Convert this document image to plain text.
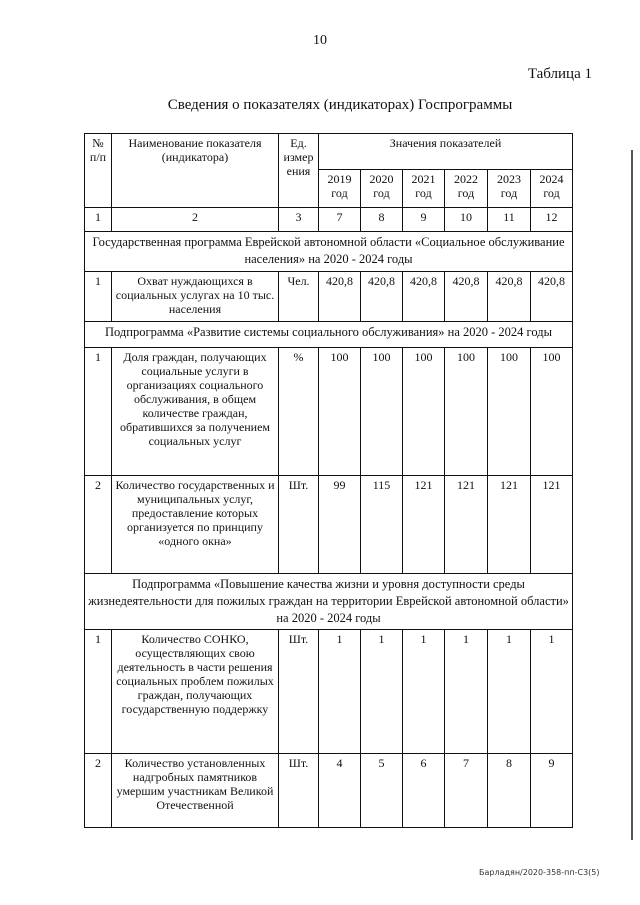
10
Таблица 1
Сведения о показателях (индикаторах) Госпрограммы
№ п/п	Наименование показателя (индикатора)	Ед. измер ения	Значения показателей					
			2019 год	2020 год	2021 год	2022 год	2023 год	2024 год
1	2	3	7	8	9	10	11	12
Государственная программа Еврейской автономной области «Социальное обслуживание населения» на 2020 - 2024 годы								
1	Охват нуждающихся в социальных услугах на 10 тыс. населения	Чел.	420,8	420,8	420,8	420,8	420,8	420,8
Подпрограмма «Развитие системы социального обслуживания» на 2020 - 2024 годы								
1	Доля граждан, получающих социальные услуги в организациях социального обслуживания, в общем количестве граждан, обратившихся за получением социальных услуг	%	100	100	100	100	100	100
2	Количество государственных и муниципальных услуг, предоставление которых организуется по принципу «одного окна»	Шт.	99	115	121	121	121	121
Подпрограмма «Повышение качества жизни и уровня доступности среды жизнедеятельности для пожилых граждан на территории Еврейской автономной области» на 2020 - 2024 годы								
1	Количество СОНКО, осуществляющих свою деятельность в части решения социальных проблем пожилых граждан, получающих государственную поддержку	Шт.	1	1	1	1	1	1
2	Количество установленных надгробных памятников умершим участникам Великой Отечественной	Шт.	4	5	6	7	8	9
Барладян/2020-358-пп-С3(5)
